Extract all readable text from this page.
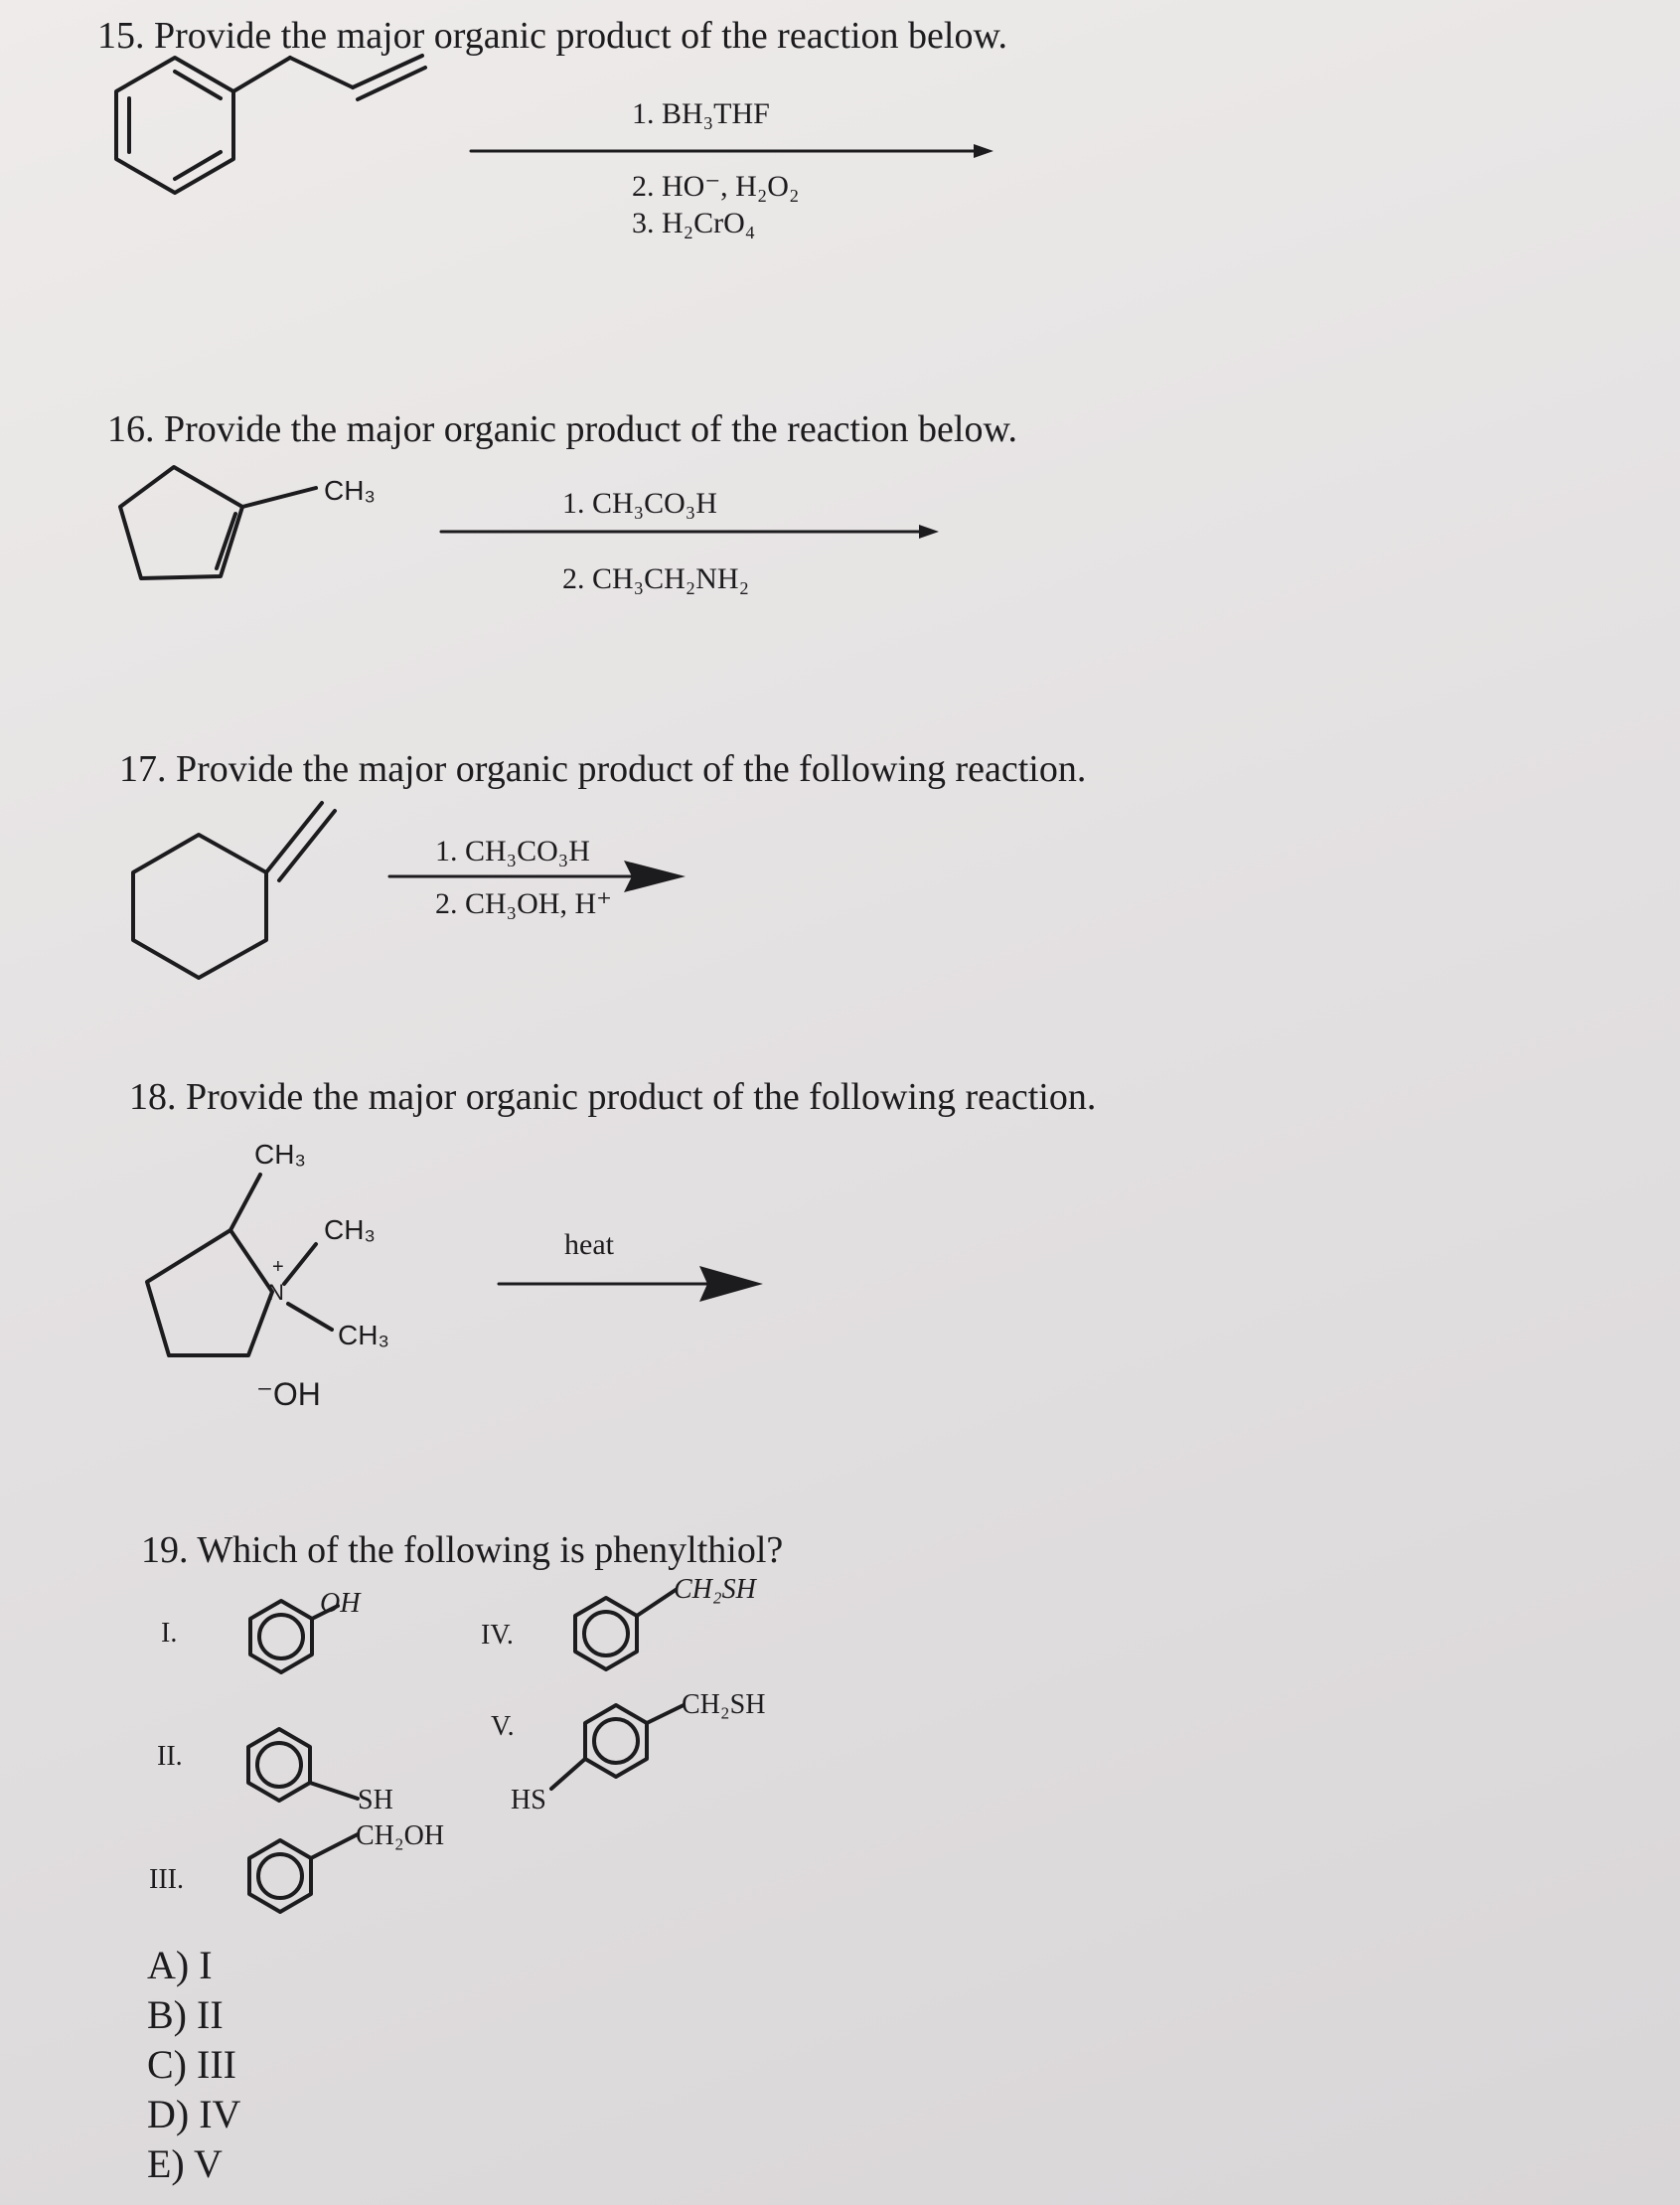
15. Provide the major organic product of the reaction below.
1. BH₃THF
2. HO⁻, H₂O₂
3. H₂CrO₄
16. Provide the major organic product of the reaction below.
CH₃	1. CH₃CO₃H
2. CH₃CH₂NH₂
17. Provide the major organic product of the following reaction.
1. CH₃CO₃H
2. CH₃OH, H⁺
18. Provide the major organic product of the following reaction.
CH₃
CH₃
CH₃
N
+
⁻OH
heat
19. Which of the following is phenylthiol?
I.
OH
II.
SH
III.
CH₂OH
IV.
CH₂SH
V.
CH₂SH
HS
A) I
B) II
C) III
D) IV
E) V
